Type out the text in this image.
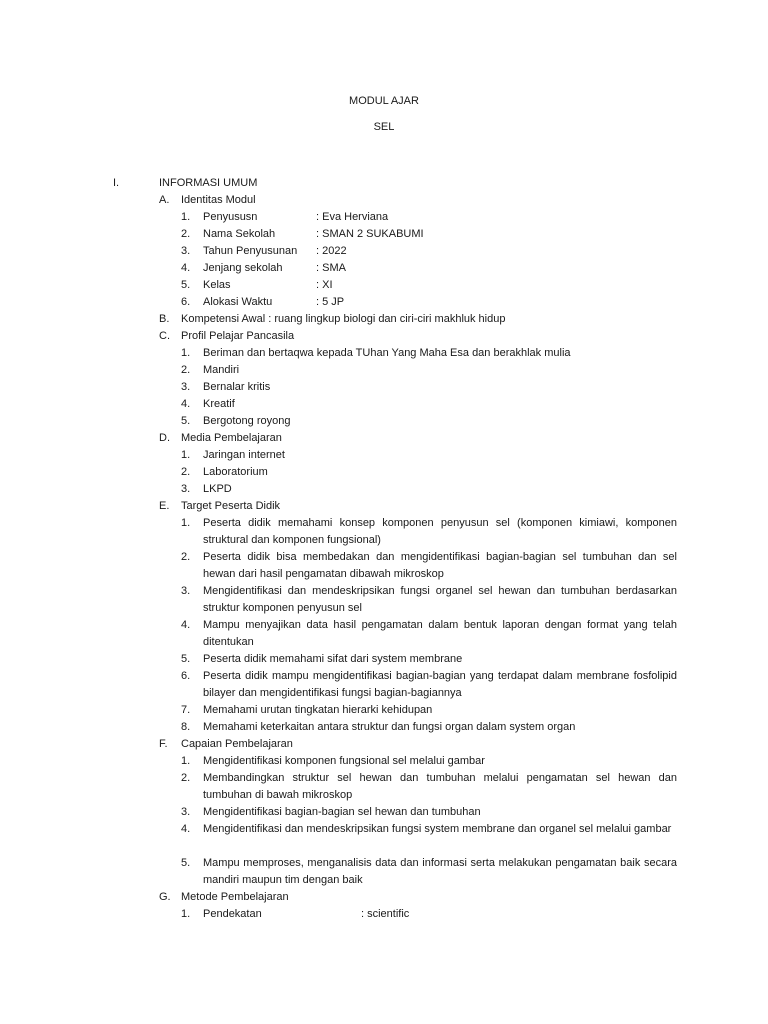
MODUL AJAR
SEL
I.	INFORMASI UMUM
A. Identitas Modul
1. Penyususn	: Eva Herviana
2. Nama Sekolah	: SMAN 2 SUKABUMI
3. Tahun Penyusunan : 2022
4. Jenjang sekolah	: SMA
5. Kelas	: XI
6. Alokasi Waktu	: 5 JP
B. Kompetensi Awal : ruang lingkup biologi dan ciri-ciri makhluk hidup
C. Profil Pelajar Pancasila
1. Beriman dan bertaqwa kepada TUhan Yang Maha Esa dan berakhlak mulia
2. Mandiri
3. Bernalar kritis
4. Kreatif
5. Bergotong royong
D. Media Pembelajaran
1. Jaringan internet
2. Laboratorium
3. LKPD
E. Target Peserta Didik
1. Peserta didik memahami konsep komponen penyusun sel (komponen kimiawi, komponen struktural dan komponen fungsional)
2. Peserta didik bisa membedakan dan mengidentifikasi bagian-bagian sel tumbuhan dan sel hewan dari hasil pengamatan dibawah mikroskop
3. Mengidentifikasi dan mendeskripsikan fungsi organel sel hewan dan tumbuhan berdasarkan struktur komponen penyusun sel
4. Mampu menyajikan data hasil pengamatan dalam bentuk laporan dengan format yang telah ditentukan
5. Peserta didik memahami sifat dari system membrane
6. Peserta didik mampu mengidentifikasi bagian-bagian yang terdapat dalam membrane fosfolipid bilayer dan mengidentifikasi fungsi bagian-bagiannya
7. Memahami urutan tingkatan hierarki kehidupan
8. Memahami keterkaitan antara struktur dan fungsi organ dalam system organ
F. Capaian Pembelajaran
1. Mengidentifikasi komponen fungsional sel melalui gambar
2. Membandingkan struktur sel hewan dan tumbuhan melalui pengamatan sel hewan dan tumbuhan di bawah mikroskop
3. Mengidentifikasi bagian-bagian sel hewan dan tumbuhan
4. Mengidentifikasi dan mendeskripsikan fungsi system membrane dan organel sel melalui gambar
5. Mampu memproses, menganalisis data dan informasi serta melakukan pengamatan baik secara mandiri maupun tim dengan baik
G. Metode Pembelajaran
1. Pendekatan	: scientific
